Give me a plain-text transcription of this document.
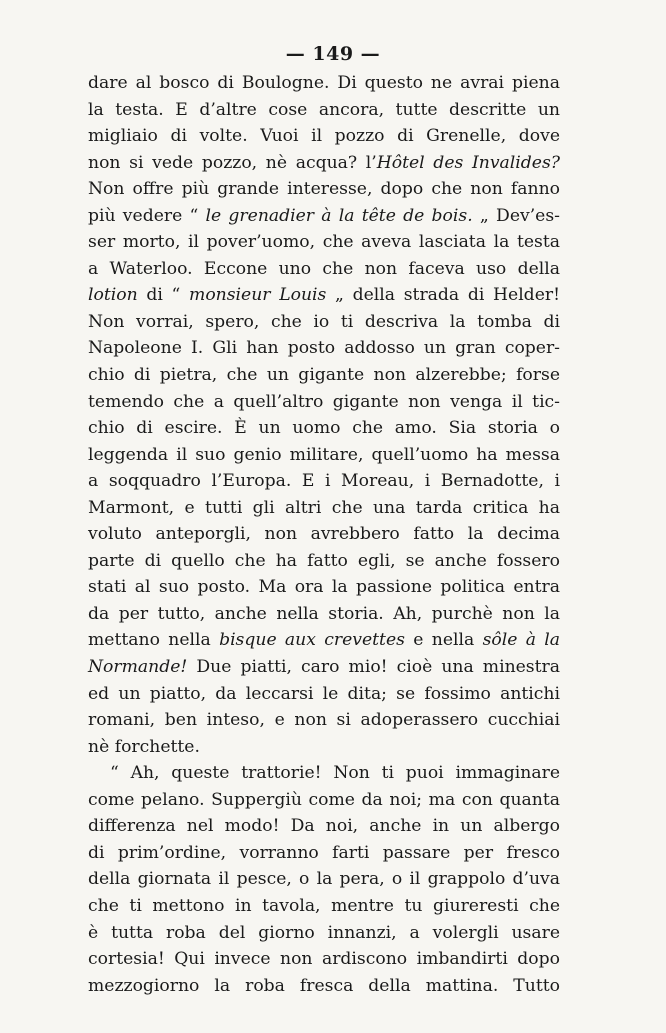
— 149 —
dare al bosco di Boulogne. Di questo ne avrai piena
la testa. E d’altre cose ancora, tutte descritte un
migliaio di volte. Vuoi il pozzo di Grenelle, dove
non si vede pozzo, nè acqua? l’Hôtel des Invalides?
Non offre più grande interesse, dopo che non fanno
più vedere “ le grenadier à la tête de bois. „ Dev’es-
ser morto, il pover’uomo, che aveva lasciata la testa
a Waterloo. Eccone uno che non faceva uso della
lotion di “ monsieur Louis „ della strada di Helder!
Non vorrai, spero, che io ti descriva la tomba di
Napoleone I. Gli han posto addosso un gran coper-
chio di pietra, che un gigante non alzerebbe; forse
temendo che a quell’altro gigante non venga il tic-
chio di escire. È un uomo che amo. Sia storia o
leggenda il suo genio militare, quell’uomo ha messa
a soqquadro l’Europa. E i Moreau, i Bernadotte, i
Marmont, e tutti gli altri che una tarda critica ha
voluto anteporgli, non avrebbero fatto la decima
parte di quello che ha fatto egli, se anche fossero
stati al suo posto. Ma ora la passione politica entra
da per tutto, anche nella storia. Ah, purchè non la
mettano nella bisque aux crevettes e nella sôle à la
Normande! Due piatti, caro mio! cioè una minestra
ed un piatto, da leccarsi le dita; se fossimo antichi
romani, ben inteso, e non si adoperassero cucchiai
nè forchette.
“ Ah, queste trattorie! Non ti puoi immaginare
come pelano. Suppergiù come da noi; ma con quanta
differenza nel modo! Da noi, anche in un albergo
di prim’ordine, vorranno farti passare per fresco
della giornata il pesce, o la pera, o il grappolo d’uva
che ti mettono in tavola, mentre tu giureresti che
è tutta roba del giorno innanzi, a volergli usare
cortesia! Qui invece non ardiscono imbandirti dopo
mezzogiorno la roba fresca della mattina. Tutto
